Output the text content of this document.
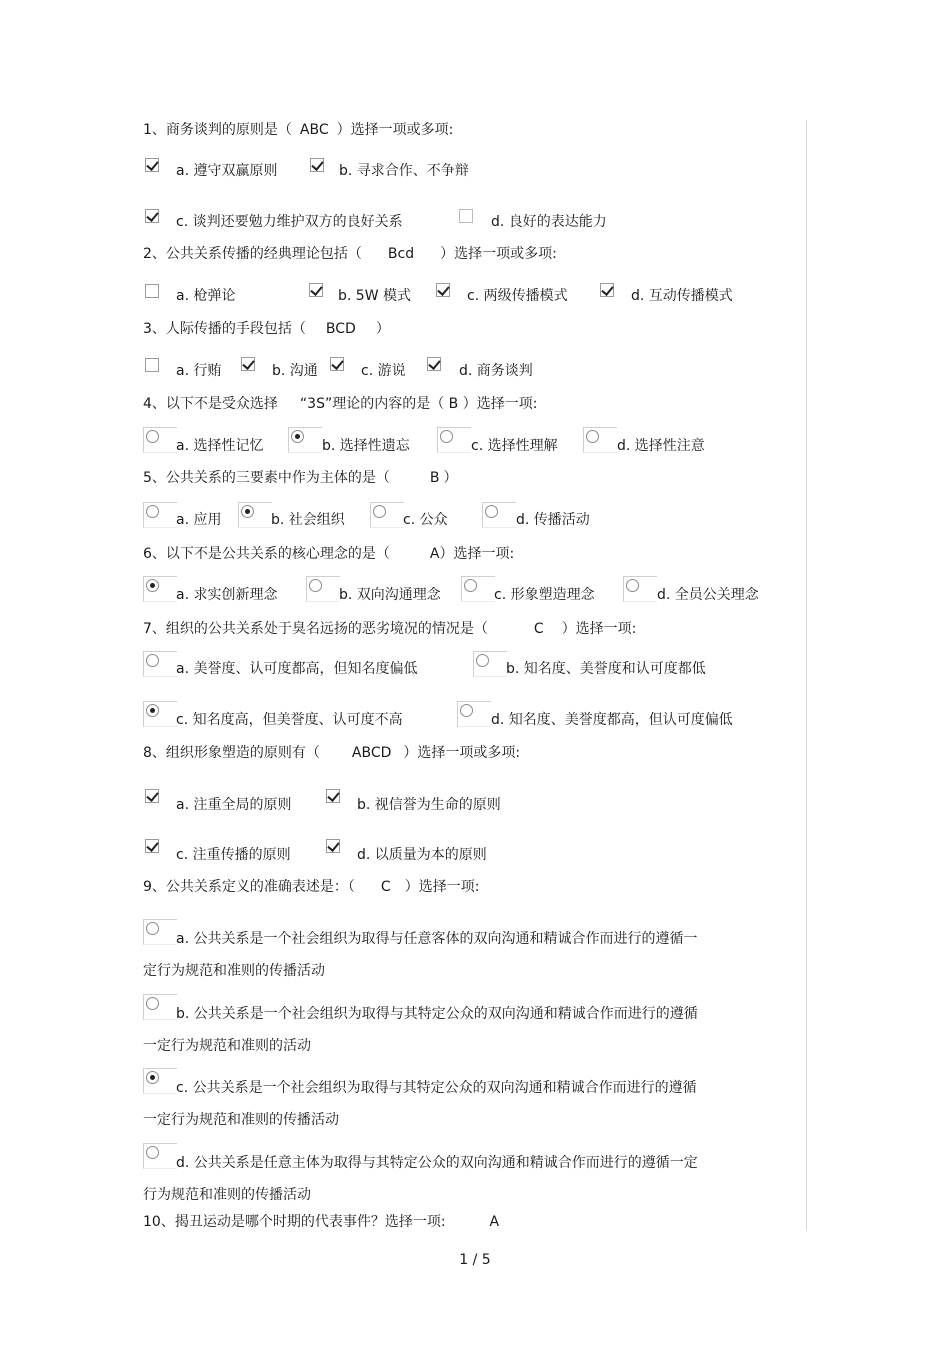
1、商务谈判的原则是（ ABC ）选择一项或多项:
a. 遵守双赢原则	b. 寻求合作、不争辩
c. 谈判还要勉力维护双方的良好关系	d. 良好的表达能力
2、公共关系传播的经典理论包括（ Bcd ）选择一项或多项:
a. 枪弹论	b. 5W 模式	c. 两级传播模式	d. 互动传播模式
3、人际传播的手段包括（ BCD ）
a. 行贿	b. 沟通	c. 游说	d. 商务谈判
4、以下不是受众选择 “3S”理论的内容的是（ B ）选择一项:
a. 选择性记忆	b. 选择性遗忘	c. 选择性理解	d. 选择性注意
5、公共关系的三要素中作为主体的是（	B ）
a. 应用	b. 社会组织	c. 公众	d. 传播活动
6、以下不是公共关系的核心理念的是（	A）选择一项:
a. 求实创新理念	b. 双向沟通理念	c. 形象塑造理念	d. 全员公关理念
7、组织的公共关系处于臭名远扬的恶劣境况的情况是（	C ）选择一项:
a. 美誉度、认可度都高，但知名度偏低	b. 知名度、美誉度和认可度都低
c. 知名度高，但美誉度、认可度不高	d. 知名度、美誉度都高，但认可度偏低
8、组织形象塑造的原则有（ ABCD ）选择一项或多项:
a. 注重全局的原则	b. 视信誉为生命的原则
c. 注重传播的原则	d. 以质量为本的原则
9、公共关系定义的准确表述是：（ C ）选择一项:
a. 公共关系是一个社会组织为取得与任意客体的双向沟通和精诚合作而进行的遵循一
定行为规范和准则的传播活动
b. 公共关系是一个社会组织为取得与其特定公众的双向沟通和精诚合作而进行的遵循
一定行为规范和准则的活动
c. 公共关系是一个社会组织为取得与其特定公众的双向沟通和精诚合作而进行的遵循
一定行为规范和准则的传播活动
d. 公共关系是任意主体为取得与其特定公众的双向沟通和精诚合作而进行的遵循一定
行为规范和准则的传播活动
10、揭丑运动是哪个时期的代表事件？选择一项:	A
1 / 5
